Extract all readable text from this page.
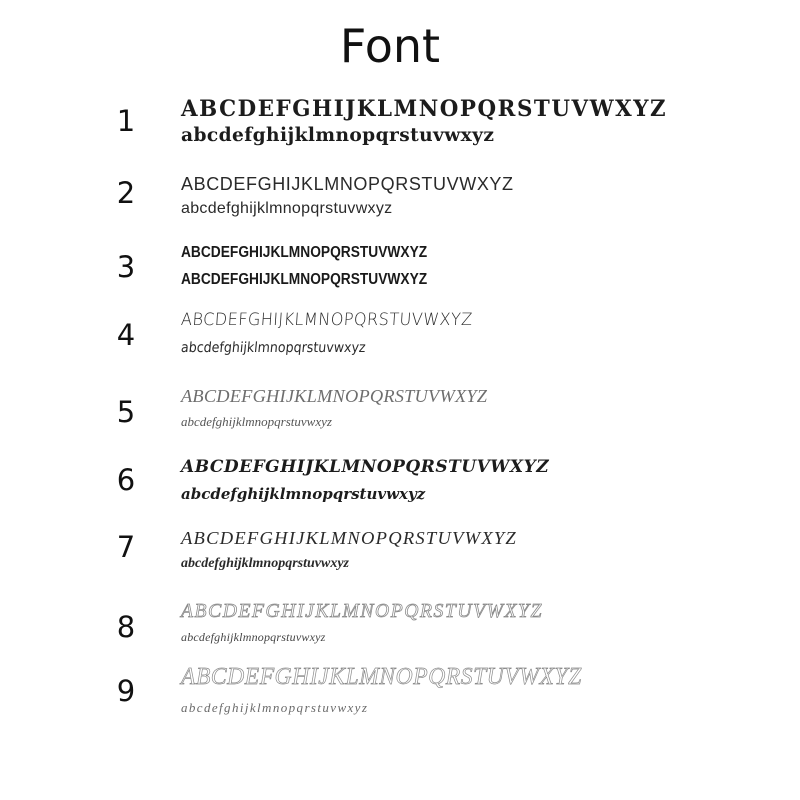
Font
1 ABCDEFGHIJKLMNOPQRSTUVWXYZ
abcdefghijklmnopqrstuvwxyz
2	ABCDEFGHIJKLMNOPQRSTUVWXYZ
abcdefghijklmnopqrstuvwxyz
3	ABCDEFGHIJKLMNOPQRSTUVWXYZ
ABCDEFGHIJKLMNOPQRSTUVWXYZ
4	ABCDEFGHIJKLMNOPQRSTUVWXYZ
abcdefghijklmnopqrstuvwxyz
5	ABCDEFGHIJKLMNOPQRSTUVWXYZ
abcdefghijklmnopqrstuvwxyz
6	ABCDEFGHIJKLMNOPQRSTUVWXYZ
abcdefghijklmnopqrstuvwxyz
7	ABCDEFGHIJKLMNOPQRSTUVWXYZ
abcdefghijklmnopqrstuvwxyz
8 ABCDEFGHIJKLMNOPQRSTUVWXYZ
abcdefghijklmnopqrstuvwxyz
9 ABCDEFGHIJKLMNOPQRSTUVWXYZ
abcdefghijklmnopqrstuvwxyz
